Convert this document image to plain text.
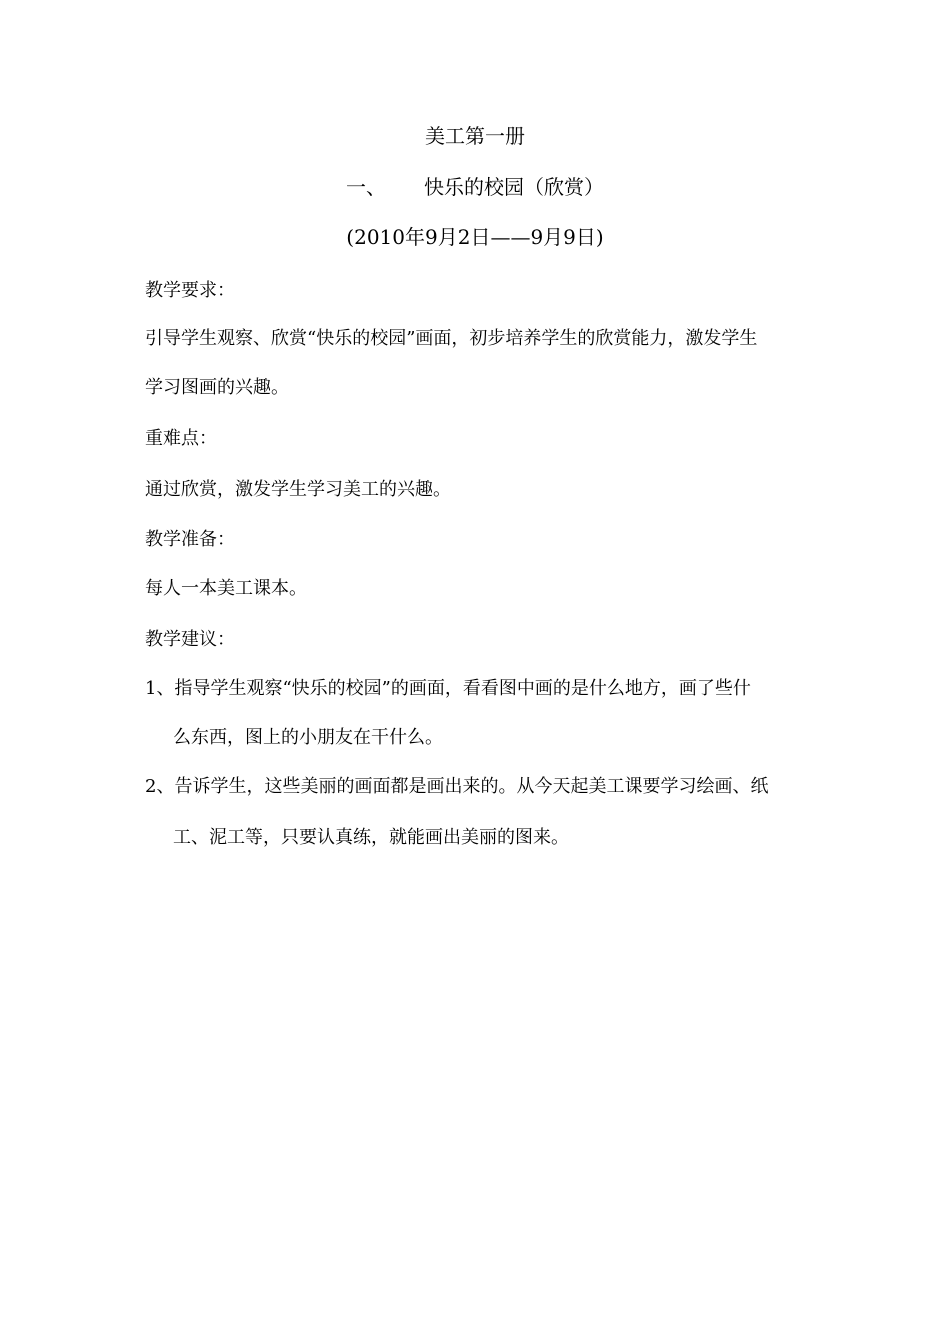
美工第一册
一、 快乐的校园（欣赏）
(2010年9月2日——9月9日)
教学要求：
引导学生观察、欣赏“快乐的校园”画面，初步培养学生的欣赏能力，激发学生
学习图画的兴趣。
重难点：
通过欣赏，激发学生学习美工的兴趣。
教学准备：
每人一本美工课本。
教学建议：
1、指导学生观察“快乐的校园”的画面，看看图中画的是什么地方，画了些什
么东西，图上的小朋友在干什么。
2、告诉学生，这些美丽的画面都是画出来的。从今天起美工课要学习绘画、纸
工、泥工等，只要认真练，就能画出美丽的图来。
